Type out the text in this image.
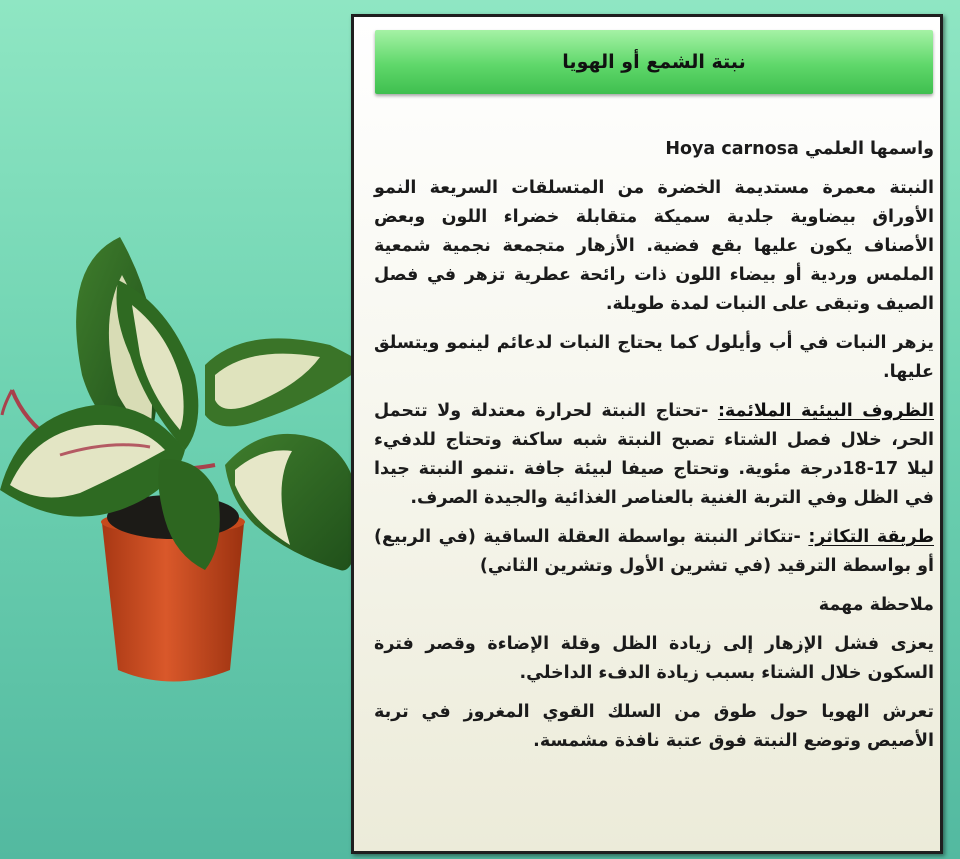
نبتة الشمع أو الهويا

واسمها العلمي Hoya carnosa

النبتة معمرة مستديمة الخضرة من المتسلقات السريعة النمو الأوراق بيضاوية جلدية سميكة متقابلة خضراء اللون وبعض الأصناف يكون عليها بقع فضية. الأزهار متجمعة نجمية شمعية الملمس وردية أو بيضاء اللون ذات رائحة عطرية تزهر في فصل الصيف وتبقى على النبات لمدة طويلة.

يزهر النبات في أب وأيلول كما يحتاج النبات لدعائم لينمو ويتسلق عليها.

الظروف البيئية الملائمة: -تحتاج النبتة لحرارة معتدلة ولا تتحمل الحر، خلال فصل الشتاء تصبح النبتة شبه ساكنة وتحتاج للدفيء ليلا 17-18درجة مئوية. وتحتاج صيفا لبيئة جافة .تنمو النبتة جيدا في الظل وفي التربة الغنية بالعناصر الغذائية والجيدة الصرف.

طريقة التكاثر: -تتكاثر النبتة بواسطة العقلة الساقية (في الربيع) أو بواسطة الترقيد (في تشرين الأول وتشرين الثاني)

ملاحظة مهمة

يعزى فشل الإزهار إلى زيادة الظل وقلة الإضاءة وقصر فترة السكون خلال الشتاء بسبب زيادة الدفء الداخلي.

تعرش الهويا حول طوق من السلك القوي المغروز في تربة الأصيص وتوضع النبتة فوق عتبة نافذة مشمسة.
